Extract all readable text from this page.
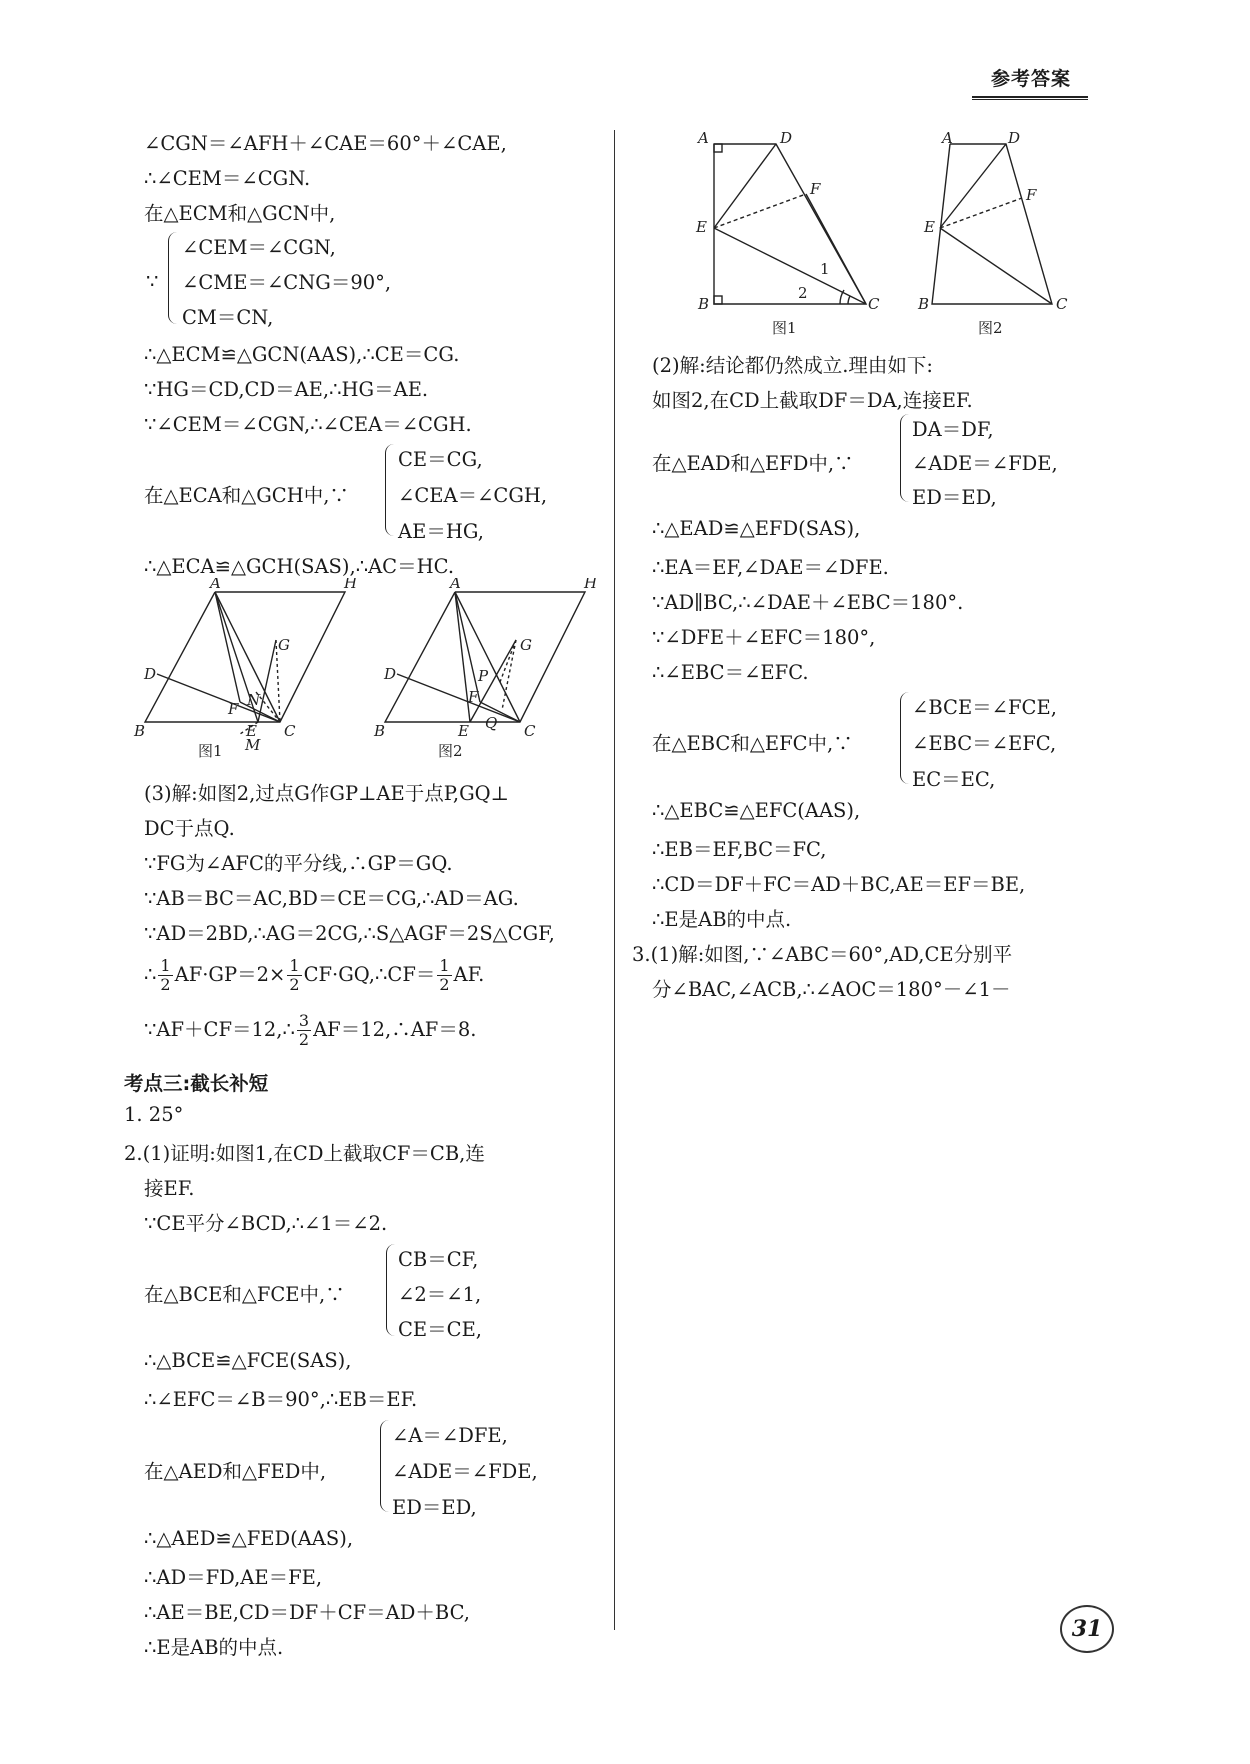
参考答案
∠CGN＝∠AFH＋∠CAE＝60°＋∠CAE,
∴∠CEM＝∠CGN.
在△ECM和△GCN中,
∵
∠CEM＝∠CGN,
∠CME＝∠CNG＝90°,
CM＝CN,
∴△ECM≌△GCN(AAS),∴CE＝CG.
∵HG＝CD,CD＝AE,∴HG＝AE.
∵∠CEM＝∠CGN,∴∠CEA＝∠CGH.
在△ECA和△GCH中,∵
CE＝CG,
∠CEA＝∠CGH,
AE＝HG,
∴△ECA≌△GCH(SAS),∴AC＝HC.
A	H
D
B
G
N
F
E C
M
图1
A	H
D
B
G
P
F
E Q C
图2
(3)解:如图2,过点G作GP⊥AE于点P,GQ⊥
DC于点Q.
∵FG为∠AFC的平分线,∴GP＝GQ.
∵AB＝BC＝AC,BD＝CE＝CG,∴AD＝AG.
∵AD＝2BD,∴AG＝2CG,∴S△AGF＝2S△CGF,
∴ $\frac{1}{2} AF\cdot GP=2\times \frac{1}{2}$ CF·GQ,∴CF＝ $\frac{1}{2}$ AF.
∵AF＋CF＝12,∴ $\frac{3}{2}$ AF＝12,∴AF＝8.
考点三:截长补短
1. 25°
2.(1)证明:如图1,在CD上截取CF＝CB,连
接EF.
∵CE平分∠BCD,∴∠1＝∠2.
在△BCE和△FCE中,∵
CB＝CF,
∠2＝∠1,
CE＝CE,
∴△BCE≌△FCE(SAS),
∴∠EFC＝∠B＝90°,∴EB＝EF.
在△AED和△FED中,
∠A＝∠DFE,
∠ADE＝∠FDE,
ED＝ED,
∴△AED≌△FED(AAS),
∴AD＝FD,AE＝FE,
∴AE＝BE,CD＝DF＋CF＝AD＋BC,
∴E是AB的中点.
A	D
F
E
B	C
1
2
图1
A	D
F
E
B	C
图2
(2)解:结论都仍然成立.理由如下:
如图2,在CD上截取DF＝DA,连接EF.
在△EAD和△EFD中,∵
DA＝DF,
∠ADE＝∠FDE,
ED＝ED,
∴△EAD≌△EFD(SAS),
∴EA＝EF,∠DAE＝∠DFE.
∵AD∥BC,∴∠DAE＋∠EBC＝180°.
∵∠DFE＋∠EFC＝180°,
∴∠EBC＝∠EFC.
在△EBC和△EFC中,∵
∠BCE＝∠FCE,
∠EBC＝∠EFC,
EC＝EC,
∴△EBC≌△EFC(AAS),
∴EB＝EF,BC＝FC,
∴CD＝DF＋FC＝AD＋BC,AE＝EF＝BE,
∴E是AB的中点.
3.(1)解:如图,∵∠ABC＝60°,AD,CE分别平
分∠BAC,∠ACB,∴∠AOC＝180°－∠1－
31
